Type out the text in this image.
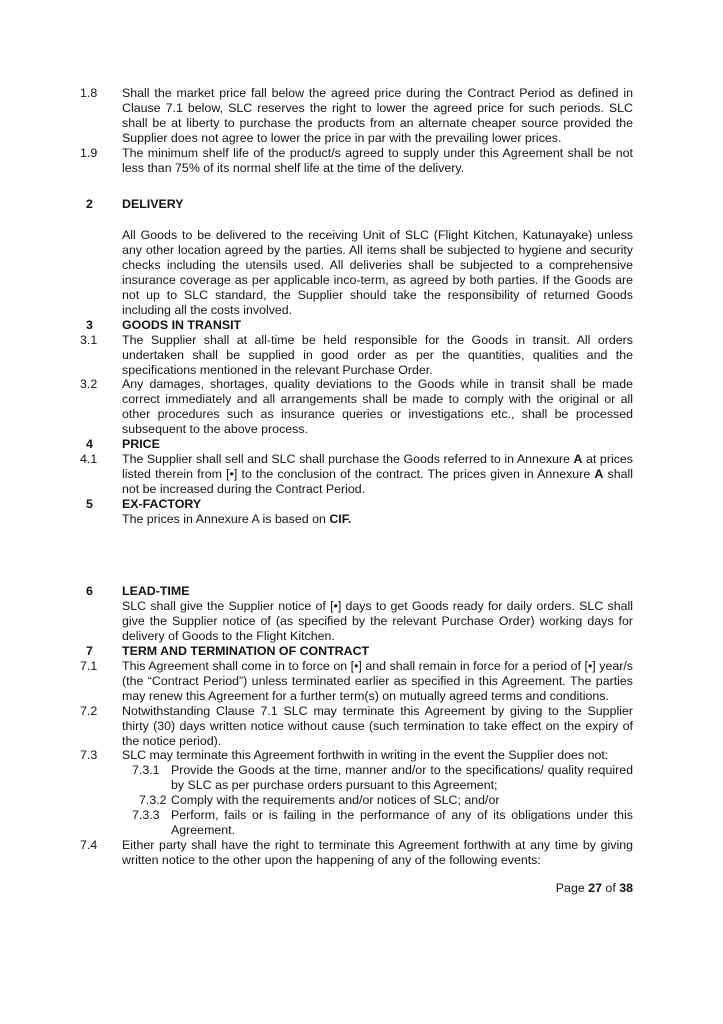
1.8	Shall the market price fall below the agreed price during the Contract Period as defined in Clause 7.1 below, SLC reserves the right to lower the agreed price for such periods. SLC shall be at liberty to purchase the products from an alternate cheaper source provided the Supplier does not agree to lower the price in par with the prevailing lower prices.
1.9	The minimum shelf life of the product/s agreed to supply under this Agreement shall be not less than 75% of its normal shelf life at the time of the delivery.
2	DELIVERY
All Goods to be delivered to the receiving Unit of SLC (Flight Kitchen, Katunayake) unless any other location agreed by the parties. All items shall be subjected to hygiene and security checks including the utensils used. All deliveries shall be subjected to a comprehensive insurance coverage as per applicable inco-term, as agreed by both parties. If the Goods are not up to SLC standard, the Supplier should take the responsibility of returned Goods including all the costs involved.
3	GOODS IN TRANSIT
3.1	The Supplier shall at all-time be held responsible for the Goods in transit. All orders undertaken shall be supplied in good order as per the quantities, qualities and the specifications mentioned in the relevant Purchase Order.
3.2	Any damages, shortages, quality deviations to the Goods while in transit shall be made correct immediately and all arrangements shall be made to comply with the original or all other procedures such as insurance queries or investigations etc., shall be processed subsequent to the above process.
4	PRICE
4.1	The Supplier shall sell and SLC shall purchase the Goods referred to in Annexure A at prices listed therein from [•] to the conclusion of the contract. The prices given in Annexure A shall not be increased during the Contract Period.
5	EX-FACTORY
The prices in Annexure A is based on CIF.
6	LEAD-TIME
SLC shall give the Supplier notice of [•] days to get Goods ready for daily orders. SLC shall give the Supplier notice of (as specified by the relevant Purchase Order) working days for delivery of Goods to the Flight Kitchen.
7	TERM AND TERMINATION OF CONTRACT
7.1	This Agreement shall come in to force on [•] and shall remain in force for a period of [•] year/s (the “Contract Period”) unless terminated earlier as specified in this Agreement. The parties may renew this Agreement for a further term(s) on mutually agreed terms and conditions.
7.2	Notwithstanding Clause 7.1 SLC may terminate this Agreement by giving to the Supplier thirty (30) days written notice without cause (such termination to take effect on the expiry of the notice period).
7.3	SLC may terminate this Agreement forthwith in writing in the event the Supplier does not:
7.3.1 Provide the Goods at the time, manner and/or to the specifications/ quality required by SLC as per purchase orders pursuant to this Agreement;
7.3.2 Comply with the requirements and/or notices of SLC; and/or
7.3.3 Perform, fails or is failing in the performance of any of its obligations under this Agreement.
7.4	Either party shall have the right to terminate this Agreement forthwith at any time by giving written notice to the other upon the happening of any of the following events:
Page 27 of 38
